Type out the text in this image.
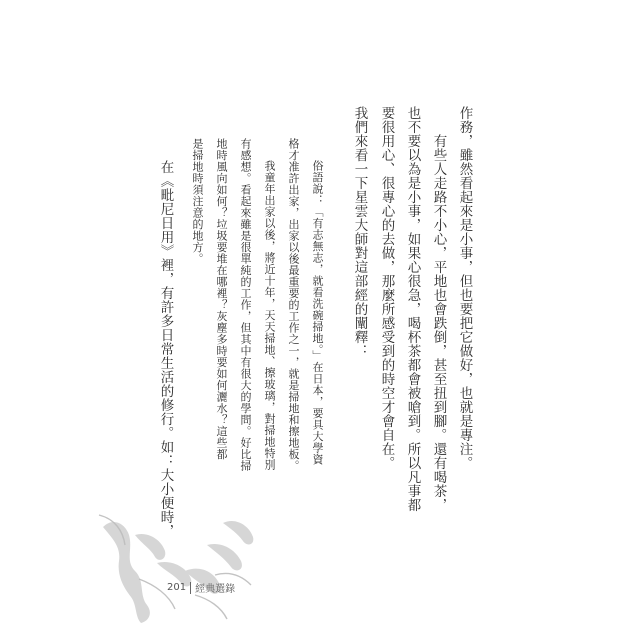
作務，雖然看起來是小事，但也要把它做好，也就是專注。
有些人走路不小心，平地也會跌倒，甚至扭到腳。還有喝茶，
也不要以為是小事，如果心很急，喝杯茶都會被嗆到。所以凡事都
要很用心、很專心的去做，那麼所感受到的時空才會自在。
我們來看一下星雲大師對這部經的闡釋：
俗語說：「有志無志，就看洗碗掃地。」在日本，要具大學資
格才准許出家，出家以後最重要的工作之一，就是掃地和擦地板。
我童年出家以後，將近十年，天天掃地、擦玻璃，對掃地特別
有感想。看起來雖是很單純的工作，但其中有很大的學問。好比掃
地時風向如何？垃圾要堆在哪裡？灰塵多時要如何灑水？這些都
是掃地時須注意的地方。
在《毗尼日用》裡，有許多日常生活的修行。如：大小便時，
201 經典選錄
